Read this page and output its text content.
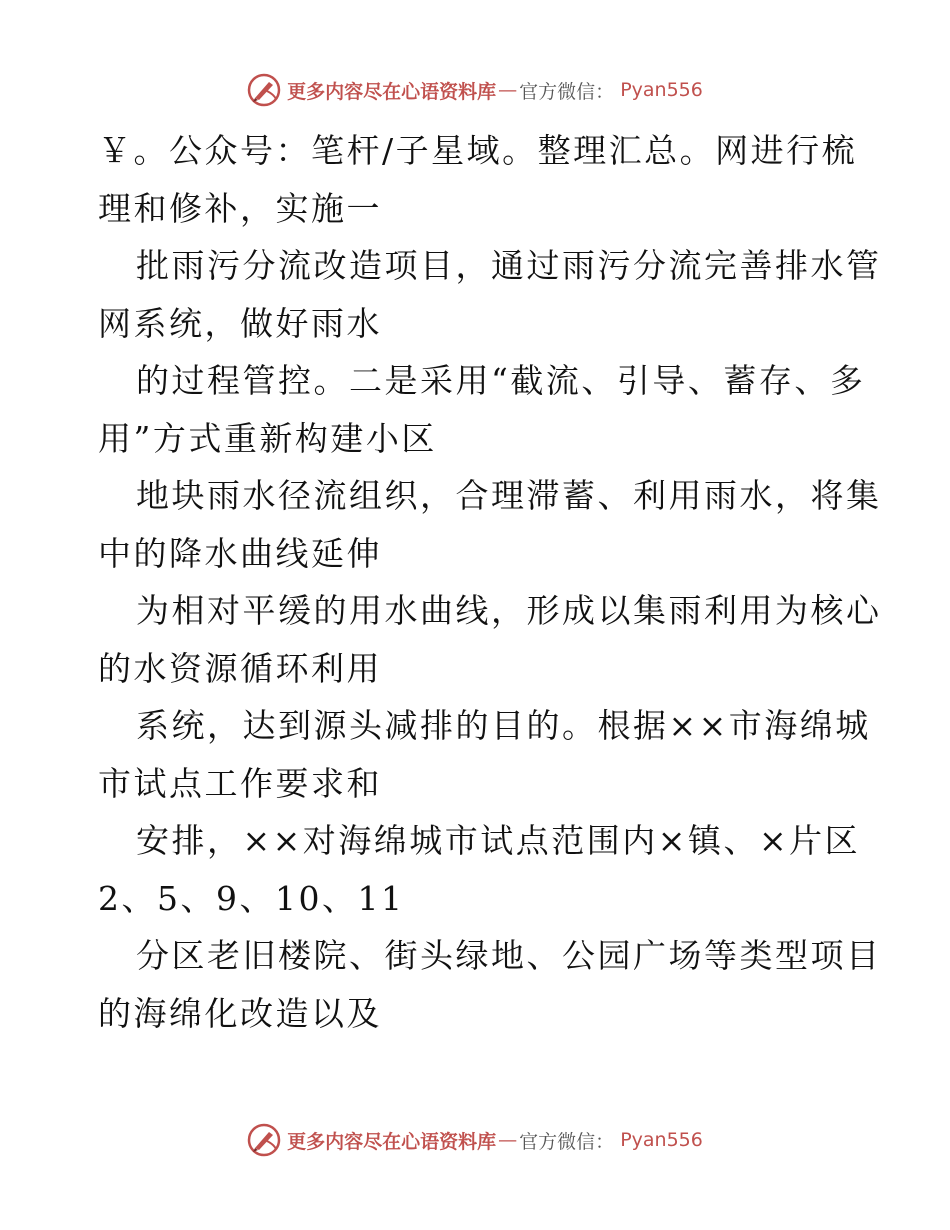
更多内容尽在心语资料库 — 官方微信 ： Pyan556
￥。公众号：笔杆/子星域。整理汇总。网进行梳
理和修补，实施一
批雨污分流改造项目，通过雨污分流完善排水管
网系统，做好雨水
的过程管控。二是采用“截流、引导、蓄存、多
用”方式重新构建小区
地块雨水径流组织，合理滞蓄、利用雨水，将集
中的降水曲线延伸
为相对平缓的用水曲线，形成以集雨利用为核心
的水资源循环利用
系统，达到源头减排的目的。根据××市海绵城
市试点工作要求和
安排，××对海绵城市试点范围内×镇、×片区
2、5、9、10、11
分区老旧楼院、街头绿地、公园广场等类型项目
的海绵化改造以及
更多内容尽在心语资料库 — 官方微信 ： Pyan556
